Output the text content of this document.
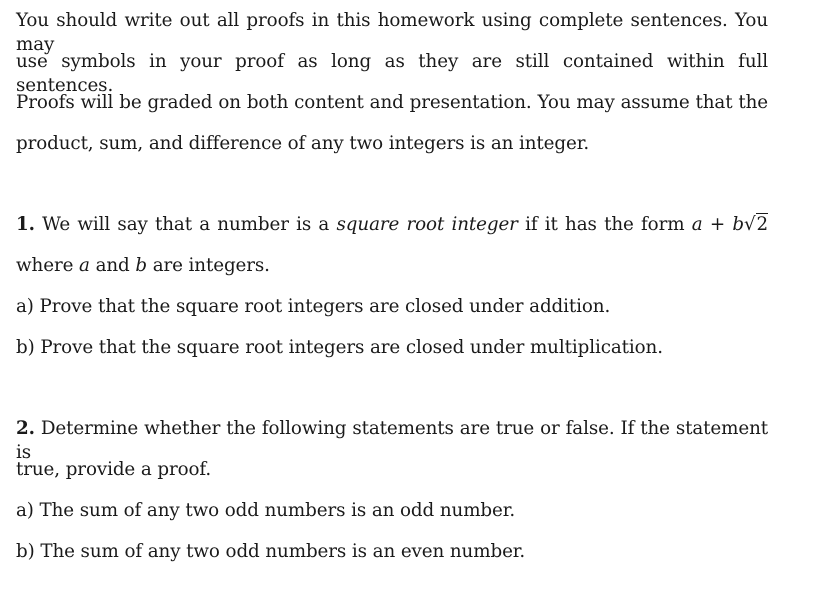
You should write out all proofs in this homework using complete sentences. You may
use symbols in your proof as long as they are still contained within full sentences.
Proofs will be graded on both content and presentation. You may assume that the
product, sum, and difference of any two integers is an integer.
1. We will say that a number is a square root integer if it has the form a + b√2
where a and b are integers.
a) Prove that the square root integers are closed under addition.
b) Prove that the square root integers are closed under multiplication.
2. Determine whether the following statements are true or false. If the statement is
true, provide a proof.
a) The sum of any two odd numbers is an odd number.
b) The sum of any two odd numbers is an even number.
